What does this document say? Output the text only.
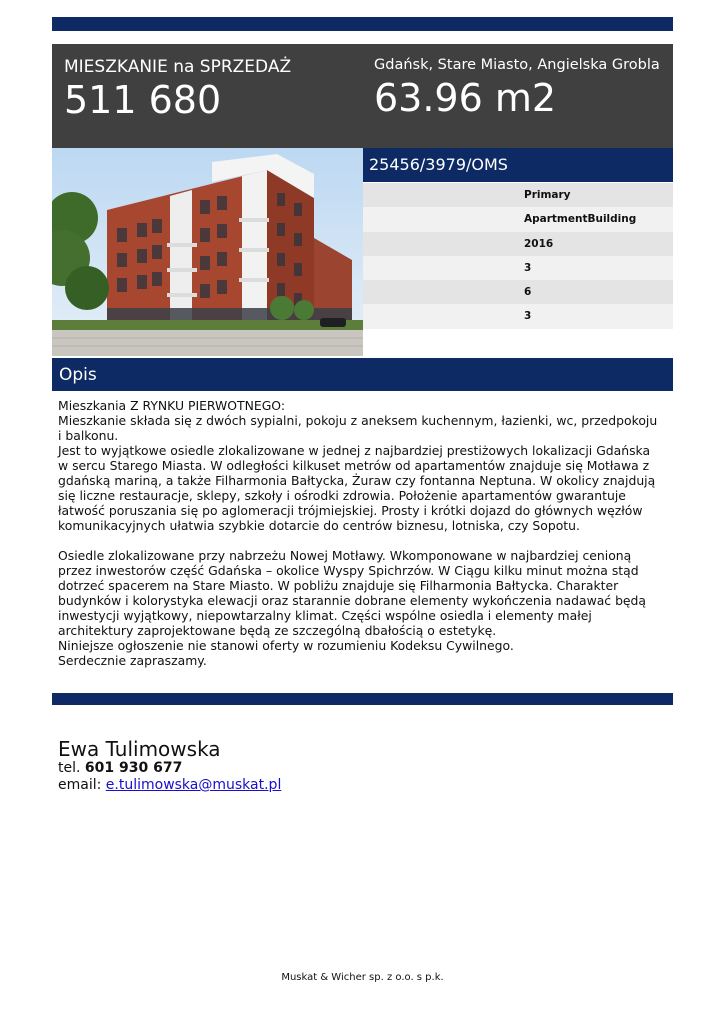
MIESZKANIE na SPRZEDAŻ
511 680
Gdańsk, Stare Miasto, Angielska Grobla
63.96 m2
25456/3979/OMS
Primary
ApartmentBuilding
2016
3
6
3
Opis

Mieszkania Z RYNKU PIERWOTNEGO:

Mieszkanie składa się z dwóch sypialni, pokoju z aneksem kuchennym, łazienki, wc, przedpokoju i balkonu.

Jest to wyjątkowe osiedle zlokalizowane w jednej z najbardziej prestiżowych lokalizacji Gdańska w sercu Starego Miasta. W odległości kilkuset metrów od apartamentów znajduje się Motława z gdańską mariną, a także Filharmonia Bałtycka, Żuraw czy fontanna Neptuna. W okolicy znajdują się liczne restauracje, sklepy, szkoły i ośrodki zdrowia. Położenie apartamentów gwarantuje łatwość poruszania się po aglomeracji trójmiejskiej. Prosty i krótki dojazd do głównych węzłów komunikacyjnych ułatwia szybkie dotarcie do centrów biznesu, lotniska, czy Sopotu.

Osiedle zlokalizowane przy nabrzeżu Nowej Motławy. Wkomponowane w najbardziej cenioną przez inwestorów część Gdańska – okolice Wyspy Spichrzów. W Ciągu kilku minut można stąd dotrzeć spacerem na Stare Miasto. W pobliżu znajduje się Filharmonia Bałtycka. Charakter budynków i kolorystyka elewacji oraz starannie dobrane elementy wykończenia nadawać będą inwestycji wyjątkowy, niepowtarzalny klimat. Części wspólne osiedla i elementy małej architektury zaprojektowane będą ze szczególną dbałością o estetykę.

Niniejsze ogłoszenie nie stanowi oferty w rozumieniu Kodeksu Cywilnego.

Serdecznie zapraszamy.

Ewa Tulimowska
tel. 601 930 677
email: e.tulimowska@muskat.pl
Muskat & Wicher sp. z o.o. s p.k.
